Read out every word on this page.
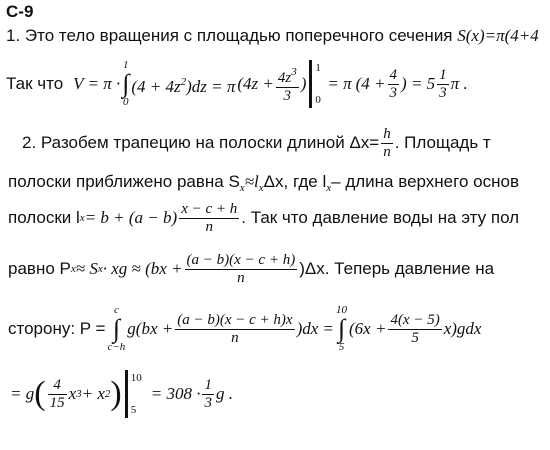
С-9
1. Это тело вращения с площадью поперечного сечения S(x)=π(4+4
Так что V = π ·
1
∫
0
$(4 + 4z^2)dz = \pi$ ($4z + \frac{4z^3}{3}$ )
1
0
= π ($4 + \frac{4}{3}$ ) = $5 \frac{1}{3}$ π .
2. Разобем трапецию на полоски длиной $\Delta x= \frac{h}{n}$ . Площадь т
полоски приближено равна $S_x\approx l_x\Delta x$, где $l_x-$ длина верхнего основ
полоски l $x = b + (a - b) \frac{x - c + h}{n}$ . Так что давление воды на эту пол
равно P x ≈ S x · xg ≈ $(bx + \frac{(a - b)(x - c + h)}{n} )\Delta x$. Теперь давление на
сторону: P =
c
∫
c−h
$g(bx + \frac{(a - b)(x - c + h)x}{n} )dx$ =
10
∫
5
$(6x + \frac{4(x - 5)}{5} x)gdx$
= g ( $\frac{4}{15}$ x 3 + x 2 ) 10
5
= $308 \cdot \frac{1}{3}$ g .
